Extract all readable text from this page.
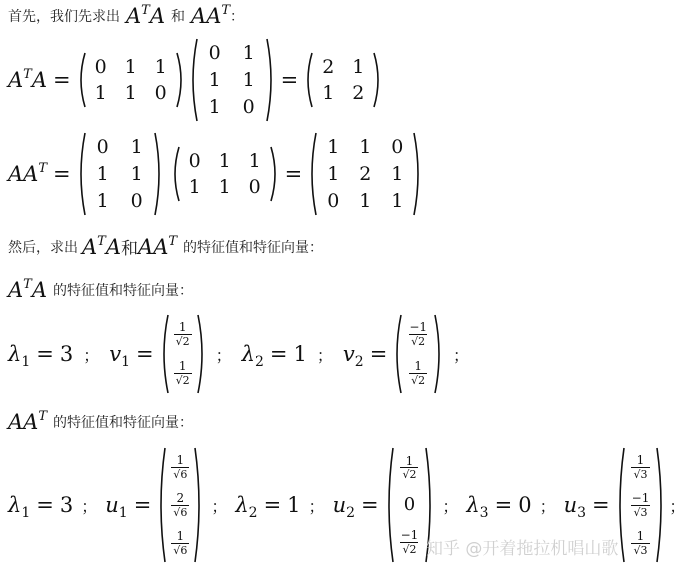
首先，我们先求出 $A^TA$ 和 $AA^T$ ：
$A^TA$ =
0 1 1
1 1 0
0 1
1 1
1 0
=
2 1
1 2
$AA^T$ =
0 1
1 1
1 0
0 1 1
1 1 0
=
1 1 0
1 2 1
0 1 1
然后，求出 $A^TA$ 和 $AA^T$ 的特征值和特征向量：
$A^TA$ 的特征值和特征向量：
$\lambda_1 = 3$ ； $v_1$ =
$\frac{1}{√2}$
$\frac{1}{√2}$
； $\lambda_2 = 1$ ； $v_2$ =
$\frac{-1}{√2}$
$\frac{1}{√2}$
；
$AA^T$ 的特征值和特征向量：
$\lambda_1 = 3$ ； $u_1$ =
$\frac{1}{√6}$
$\frac{2}{√6}$
$\frac{1}{√6}$
； $\lambda_2 = 1$ ； $u_2$ =
$\frac{1}{√2}$
0
$\frac{-1}{√2}$
； $\lambda_3 = 0$ ； $u_3$ =
$\frac{1}{√3}$
$\frac{-1}{√3}$
$\frac{1}{√3}$
；
知乎 @开着拖拉机唱山歌
